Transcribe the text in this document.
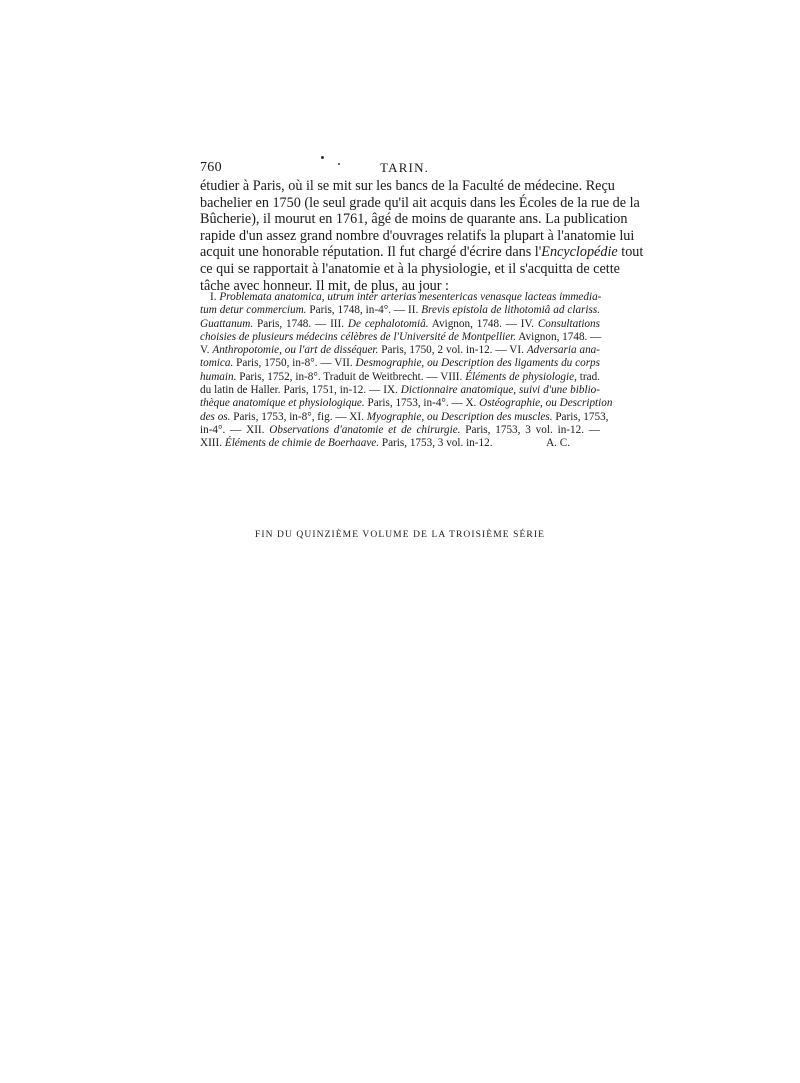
760	TARIN.

étudier à Paris, où il se mit sur les bancs de la Faculté de médecine. Reçu

bachelier en 1750 (le seul grade qu'il ait acquis dans les Écoles de la rue de la

Bûcherie), il mourut en 1761, âgé de moins de quarante ans. La publication

rapide d'un assez grand nombre d'ouvrages relatifs la plupart à l'anatomie lui

acquit une honorable réputation. Il fut chargé d'écrire dans l'Encyclopédie tout

ce qui se rapportait à l'anatomie et à la physiologie, et il s'acquitta de cette

tâche avec honneur. Il mit, de plus, au jour :

I. Problemata anatomica, utrum inter arterias mesentericas venasque lacteas immedia-

tum detur commercium. Paris, 1748, in-4°. — II. Brevis epistola de lithotomiâ ad clariss.

Guattanum. Paris, 1748. — III. De cephalotomiâ. Avignon, 1748. — IV. Consultations

choisies de plusieurs médecins célèbres de l'Université de Montpellier. Avignon, 1748. —

V. Anthropotomie, ou l'art de disséquer. Paris, 1750, 2 vol. in-12. — VI. Adversaria ana-

tomica. Paris, 1750, in-8°. — VII. Desmographie, ou Description des ligaments du corps

humain. Paris, 1752, in-8°. Traduit de Weitbrecht. — VIII. Éléments de physiologie, trad.

du latin de Haller. Paris, 1751, in-12. — IX. Dictionnaire anatomique, suivi d'une biblio-

thèque anatomique et physiologique. Paris, 1753, in-4°. — X. Ostéographie, ou Description

des os. Paris, 1753, in-8°, fig. — XI. Myographie, ou Description des muscles. Paris, 1753,

in-4°. — XII. Observations d'anatomie et de chirurgie. Paris, 1753, 3 vol. in-12. —

XIII. Éléments de chimie de Boerhaave. Paris, 1753, 3 vol. in-12.	A. C.

FIN DU QUINZIÈME VOLUME DE LA TROISIÈME SÉRIE
